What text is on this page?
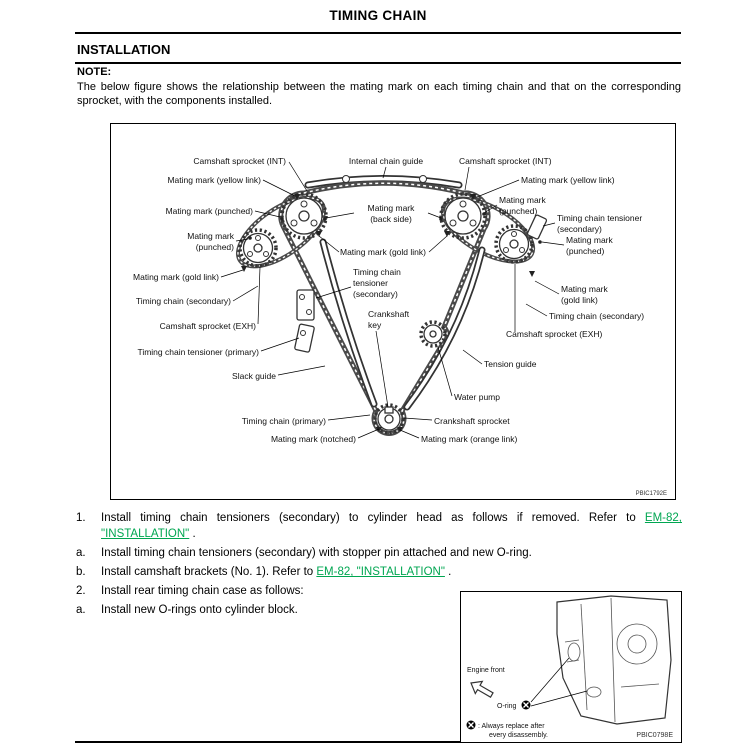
TIMING CHAIN
INSTALLATION
NOTE:

The below figure shows the relationship between the mating mark on each timing chain and that on the corresponding sprocket, with the components installed.

Camshaft sprocket (INT)	Internal chain guide	Camshaft sprocket (INT)
Mating mark (yellow link)	Mating mark (yellow link)
Mating mark (punched)	Mating mark
(back side)
Mating mark
(punched)
Timing chain tensioner
(secondary)
Mating mark
(punched)	Mating mark (gold link)
Mating mark
(punched)
Mating mark (gold link)	Timing chain
tensioner
(secondary)	Mating mark
(gold link)
Timing chain (secondary)
Crankshaft
key
Timing chain (secondary)
Camshaft sprocket (EXH)
Camshaft sprocket (EXH)
Timing chain tensioner (primary)
Tension guide
Slack guide
Water pump
Timing chain (primary)	Crankshaft sprocket
Mating mark (notched)	Mating mark (orange link)
PBIC1792E
1.	Install timing chain tensioners (secondary) to cylinder head as follows if removed. Refer to EM-82, "INSTALLATION" .

a.	Install timing chain tensioners (secondary) with stopper pin attached and new O-ring.

b.	Install camshaft brackets (No. 1). Refer to EM-82, "INSTALLATION" .

2.	Install rear timing chain case as follows:

a.	Install new O-rings onto cylinder block.

Engine front
O-ring
: Always replace after
every disassembly.	PBIC0798E
